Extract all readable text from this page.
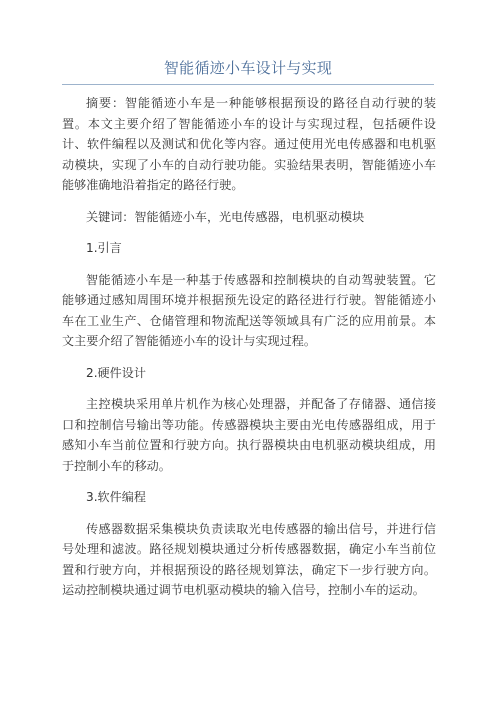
智能循迹小车设计与实现

摘要：智能循迹小车是一种能够根据预设的路径自动行驶的装置。本文主要介绍了智能循迹小车的设计与实现过程，包括硬件设计、软件编程以及测试和优化等内容。通过使用光电传感器和电机驱动模块，实现了小车的自动行驶功能。实验结果表明，智能循迹小车能够准确地沿着指定的路径行驶。

关键词：智能循迹小车，光电传感器，电机驱动模块

1.引言

智能循迹小车是一种基于传感器和控制模块的自动驾驶装置。它能够通过感知周围环境并根据预先设定的路径进行行驶。智能循迹小车在工业生产、仓储管理和物流配送等领域具有广泛的应用前景。本文主要介绍了智能循迹小车的设计与实现过程。

2.硬件设计

主控模块采用单片机作为核心处理器，并配备了存储器、通信接口和控制信号输出等功能。传感器模块主要由光电传感器组成，用于感知小车当前位置和行驶方向。执行器模块由电机驱动模块组成，用于控制小车的移动。

3.软件编程

传感器数据采集模块负责读取光电传感器的输出信号，并进行信号处理和滤波。路径规划模块通过分析传感器数据，确定小车当前位置和行驶方向，并根据预设的路径规划算法，确定下一步行驶方向。运动控制模块通过调节电机驱动模块的输入信号，控制小车的运动。
